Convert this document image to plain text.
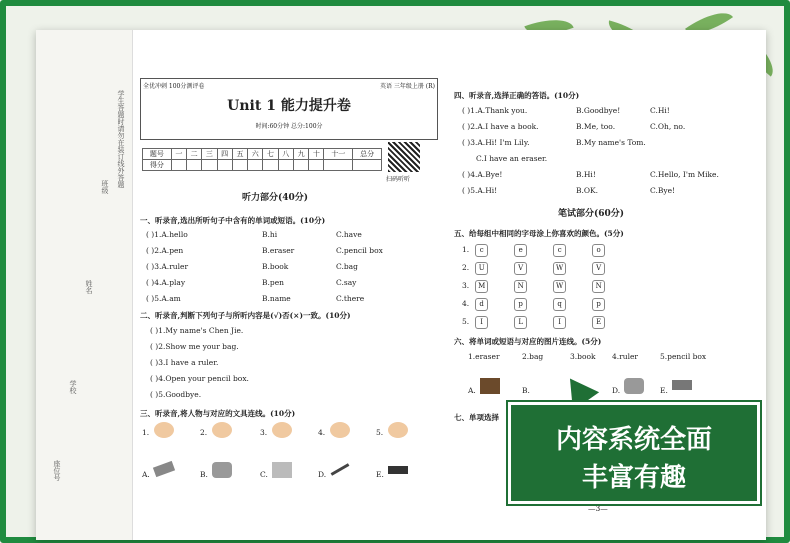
学生答题时请勿在装订线外答题
班级
姓名
学校
座位号
全优冲刺 100分测评卷	英语 三年级上册 (R)
Unit 1 能力提升卷
时间:60分钟 总分:100分
题号	一	二	三	四	五	六	七	八	九	十	十一	总分
得分												
扫码听听
听力部分(40分)
一、听录音,选出所听句子中含有的单词或短语。(10分)
( )1.A.hello	B.hi	C.have
( )2.A.pen	B.eraser	C.pencil box
( )3.A.ruler	B.book	C.bag
( )4.A.play	B.pen	C.say
( )5.A.am	B.name	C.there
二、听录音,判断下列句子与所听内容是(√)否(×)一致。(10分)
( )1.My name's Chen Jie.
( )2.Show me your bag.
( )3.I have a ruler.
( )4.Open your pencil box.
( )5.Goodbye.
三、听录音,将人物与对应的文具连线。(10分)
1.	2.	3.	4.	5.
A.	B.	C.	D.	E.
四、听录音,选择正确的答语。(10分)
( )1.A.Thank you.	B.Goodbye!	C.Hi!
( )2.A.I have a book.	B.Me, too.	C.Oh, no.
( )3.A.Hi! I'm Lily.	B.My name's Tom.
C.I have an eraser.
( )4.A.Bye!	B.Hi!	C.Hello, I'm Mike.
( )5.A.Hi!	B.OK.	C.Bye!
笔试部分(60分)
五、给每组中相同的字母涂上你喜欢的颜色。(5分)
1. c	e	c	o
2. U	V	W	V
3. M	N	W	N
4. d	p	q	p
5. I	L	I	E
六、将单词或短语与对应的图片连线。(5分)
1.eraser	2.bag	3.book 4.ruler	5.pencil box
A.	B.	D.	E.
七、单项选择
—3—
内容系统全面
丰富有趣
